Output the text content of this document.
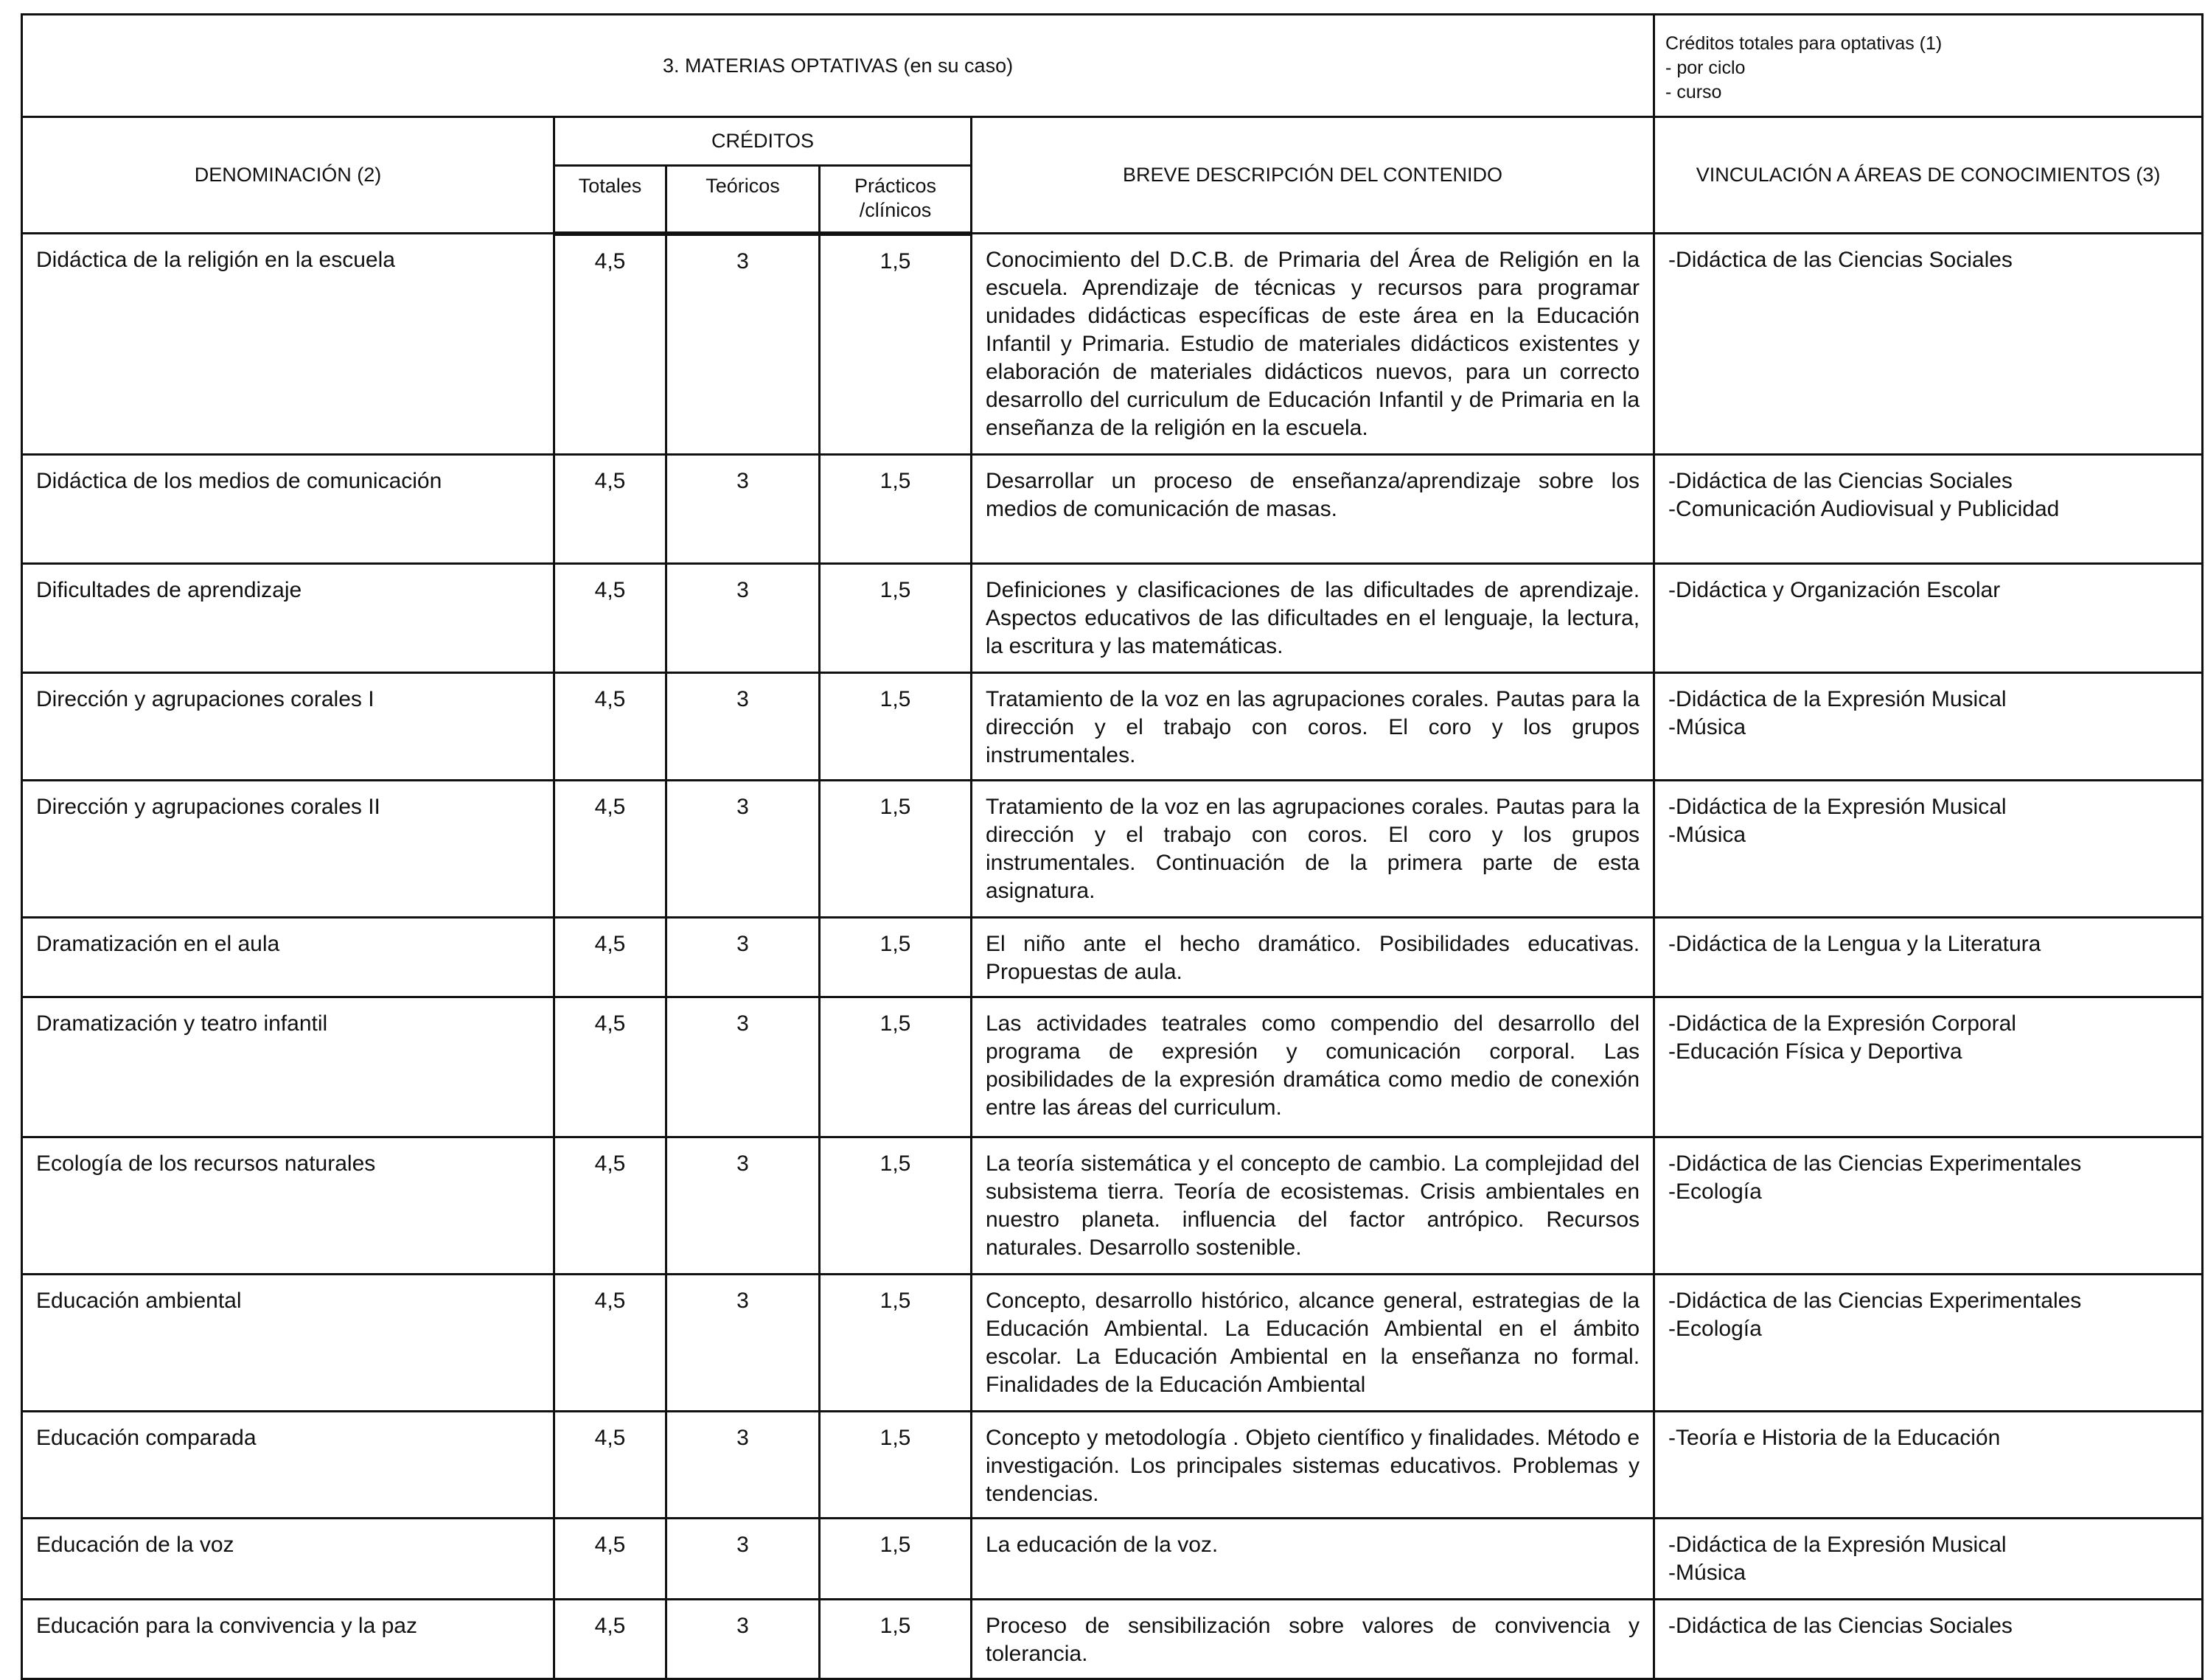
3. MATERIAS OPTATIVAS (en su caso)					Créditos totales para optativas (1)
- por ciclo
- curso

DENOMINACIÓN (2)	CRÉDITOS			BREVE DESCRIPCIÓN DEL CONTENIDO	VINCULACIÓN A ÁREAS DE CONOCIMIENTOS (3)
	Totales	Teóricos	Prácticos
/clínicos		

Didáctica de la religión en la escuela	4,5	3	1,5	Conocimiento del D.C.B. de Primaria del Área de Religión en la escuela. Aprendizaje de técnicas y recursos para programar unidades didácticas específicas de este área en la Educación Infantil y Primaria. Estudio de materiales didácticos existentes y elaboración de materiales didácticos nuevos, para un correcto desarrollo del curriculum de Educación Infantil y de Primaria en la enseñanza de la religión en la escuela.	-Didáctica de las Ciencias Sociales

Didáctica de los medios de comunicación	4,5	3	1,5	Desarrollar un proceso de enseñanza/aprendizaje sobre los medios de comunicación de masas.	-Didáctica de las Ciencias Sociales
-Comunicación Audiovisual y Publicidad

Dificultades de aprendizaje	4,5	3	1,5	Definiciones y clasificaciones de las dificultades de aprendizaje. Aspectos educativos de las dificultades en el lenguaje, la lectura, la escritura y las matemáticas.	-Didáctica y Organización Escolar

Dirección y agrupaciones corales I	4,5	3	1,5	Tratamiento de la voz en las agrupaciones corales. Pautas para la dirección y el trabajo con coros. El coro y los grupos instrumentales.	-Didáctica de la Expresión Musical
-Música

Dirección y agrupaciones corales II	4,5	3	1,5	Tratamiento de la voz en las agrupaciones corales. Pautas para la dirección y el trabajo con coros. El coro y los grupos instrumentales. Continuación de la primera parte de esta asignatura.	-Didáctica de la Expresión Musical
-Música

Dramatización en el aula	4,5	3	1,5	El niño ante el hecho dramático. Posibilidades educativas. Propuestas de aula.	-Didáctica de la Lengua y la Literatura

Dramatización y teatro infantil	4,5	3	1,5	Las actividades teatrales como compendio del desarrollo del programa de expresión y comunicación corporal. Las posibilidades de la expresión dramática como medio de conexión entre las áreas del curriculum.	-Didáctica de la Expresión Corporal
-Educación Física y Deportiva

Ecología de los recursos naturales	4,5	3	1,5	La teoría sistemática y el concepto de cambio. La complejidad del subsistema tierra. Teoría de ecosistemas. Crisis ambientales en nuestro planeta. influencia del factor antrópico. Recursos naturales. Desarrollo sostenible.	-Didáctica de las Ciencias Experimentales
-Ecología

Educación ambiental	4,5	3	1,5	Concepto, desarrollo histórico, alcance general, estrategias de la Educación Ambiental. La Educación Ambiental en el ámbito escolar. La Educación Ambiental en la enseñanza no formal. Finalidades de la Educación Ambiental	-Didáctica de las Ciencias Experimentales
-Ecología

Educación comparada	4,5	3	1,5	Concepto y metodología . Objeto científico y finalidades. Método e investigación. Los principales sistemas educativos. Problemas y tendencias.	-Teoría e Historia de la Educación

Educación de la voz	4,5	3	1,5	La educación de la voz.	-Didáctica de la Expresión Musical
-Música

Educación para la convivencia y la paz	4,5	3	1,5	Proceso de sensibilización sobre valores de convivencia y tolerancia.	-Didáctica de las Ciencias Sociales
